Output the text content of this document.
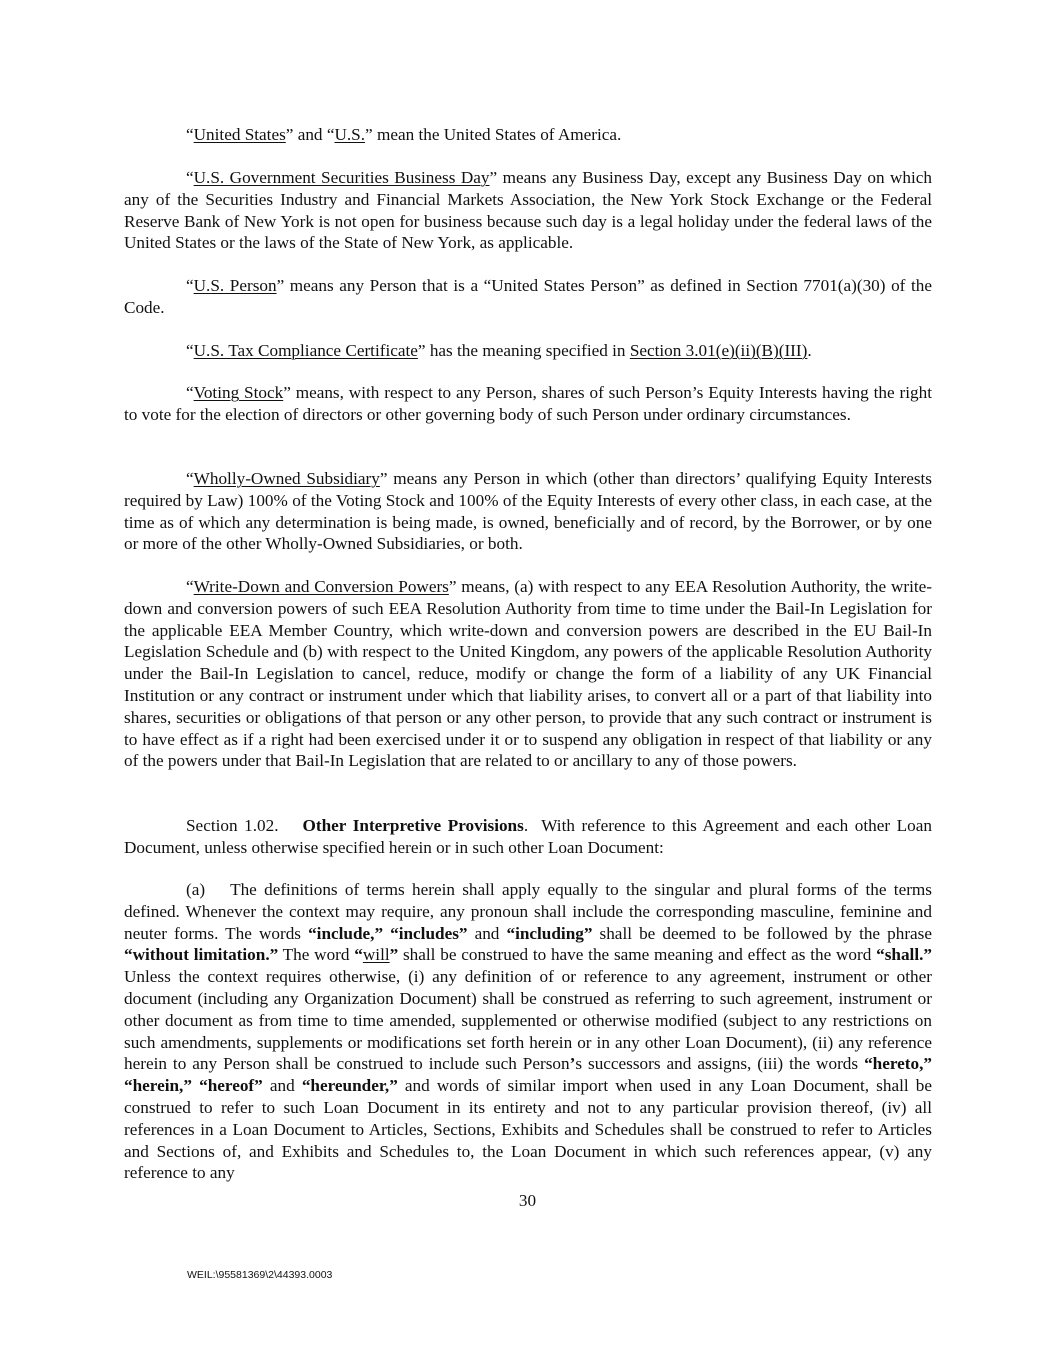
“United States” and “U.S.” mean the United States of America.

“U.S. Government Securities Business Day” means any Business Day, except any Business Day on which any of the Securities Industry and Financial Markets Association, the New York Stock Exchange or the Federal Reserve Bank of New York is not open for business because such day is a legal holiday under the federal laws of the United States or the laws of the State of New York, as applicable.

“U.S. Person” means any Person that is a “United States Person” as defined in Section 7701(a)(30) of the Code.

“U.S. Tax Compliance Certificate” has the meaning specified in Section 3.01(e)(ii)(B)(III).

“Voting Stock” means, with respect to any Person, shares of such Person’s Equity Interests having the right to vote for the election of directors or other governing body of such Person under ordinary circumstances.

“Wholly-Owned Subsidiary” means any Person in which (other than directors’ qualifying Equity Interests required by Law) 100% of the Voting Stock and 100% of the Equity Interests of every other class, in each case, at the time as of which any determination is being made, is owned, beneficially and of record, by the Borrower, or by one or more of the other Wholly-Owned Subsidiaries, or both.

“Write-Down and Conversion Powers” means, (a) with respect to any EEA Resolution Authority, the write-down and conversion powers of such EEA Resolution Authority from time to time under the Bail-In Legislation for the applicable EEA Member Country, which write-down and conversion powers are described in the EU Bail-In Legislation Schedule and (b) with respect to the United Kingdom, any powers of the applicable Resolution Authority under the Bail-In Legislation to cancel, reduce, modify or change the form of a liability of any UK Financial Institution or any contract or instrument under which that liability arises, to convert all or a part of that liability into shares, securities or obligations of that person or any other person, to provide that any such contract or instrument is to have effect as if a right had been exercised under it or to suspend any obligation in respect of that liability or any of the powers under that Bail-In Legislation that are related to or ancillary to any of those powers.

Section 1.02. Other Interpretive Provisions. With reference to this Agreement and each other Loan Document, unless otherwise specified herein or in such other Loan Document:

(a) The definitions of terms herein shall apply equally to the singular and plural forms of the terms defined. Whenever the context may require, any pronoun shall include the corresponding masculine, feminine and neuter forms. The words “include,” “includes” and “including” shall be deemed to be followed by the phrase “without limitation.” The word “will” shall be construed to have the same meaning and effect as the word “shall.” Unless the context requires otherwise, (i) any definition of or reference to any agreement, instrument or other document (including any Organization Document) shall be construed as referring to such agreement, instrument or other document as from time to time amended, supplemented or otherwise modified (subject to any restrictions on such amendments, supplements or modifications set forth herein or in any other Loan Document), (ii) any reference herein to any Person shall be construed to include such Person’s successors and assigns, (iii) the words “hereto,” “herein,” “hereof” and “hereunder,” and words of similar import when used in any Loan Document, shall be construed to refer to such Loan Document in its entirety and not to any particular provision thereof, (iv) all references in a Loan Document to Articles, Sections, Exhibits and Schedules shall be construed to refer to Articles and Sections of, and Exhibits and Schedules to, the Loan Document in which such references appear, (v) any reference to any

30

WEIL:\95581369\2\44393.0003
